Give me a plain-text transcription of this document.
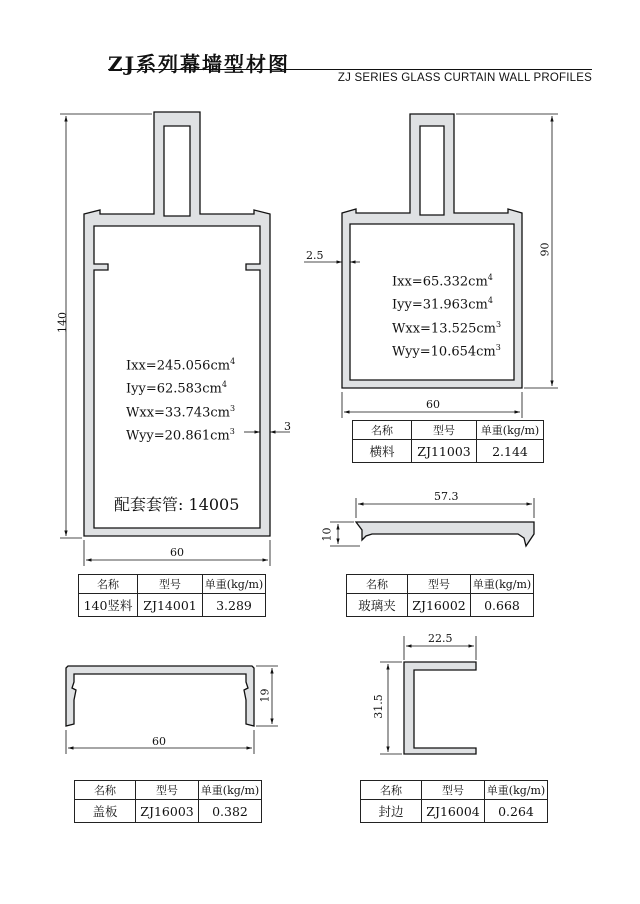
ZJ系列幕墙型材图
ZJ SERIES GLASS CURTAIN WALL PROFILES
140
60
3
90
60
2.5
57.3
10
60
19
22.5
31.5
$Ixx=245.056cm^4$
$Iyy=62.583cm^4$
$Wxx=33.743cm^3$
$Wyy=20.861cm^3$
配套套管: 14005
$Ixx=65.332cm^4$
$Iyy=31.963cm^4$
$Wxx=13.525cm^3$
$Wyy=10.654cm^3$
名称	型号	单重(kg/m)
横料	ZJ11003	2.144
名称	型号	单重(kg/m)
140竖料	ZJ14001	3.289
名称	型号	单重(kg/m)
玻璃夹	ZJ16002	0.668
名称	型号	单重(kg/m)
盖板	ZJ16003	0.382
名称	型号	单重(kg/m)
封边	ZJ16004	0.264
